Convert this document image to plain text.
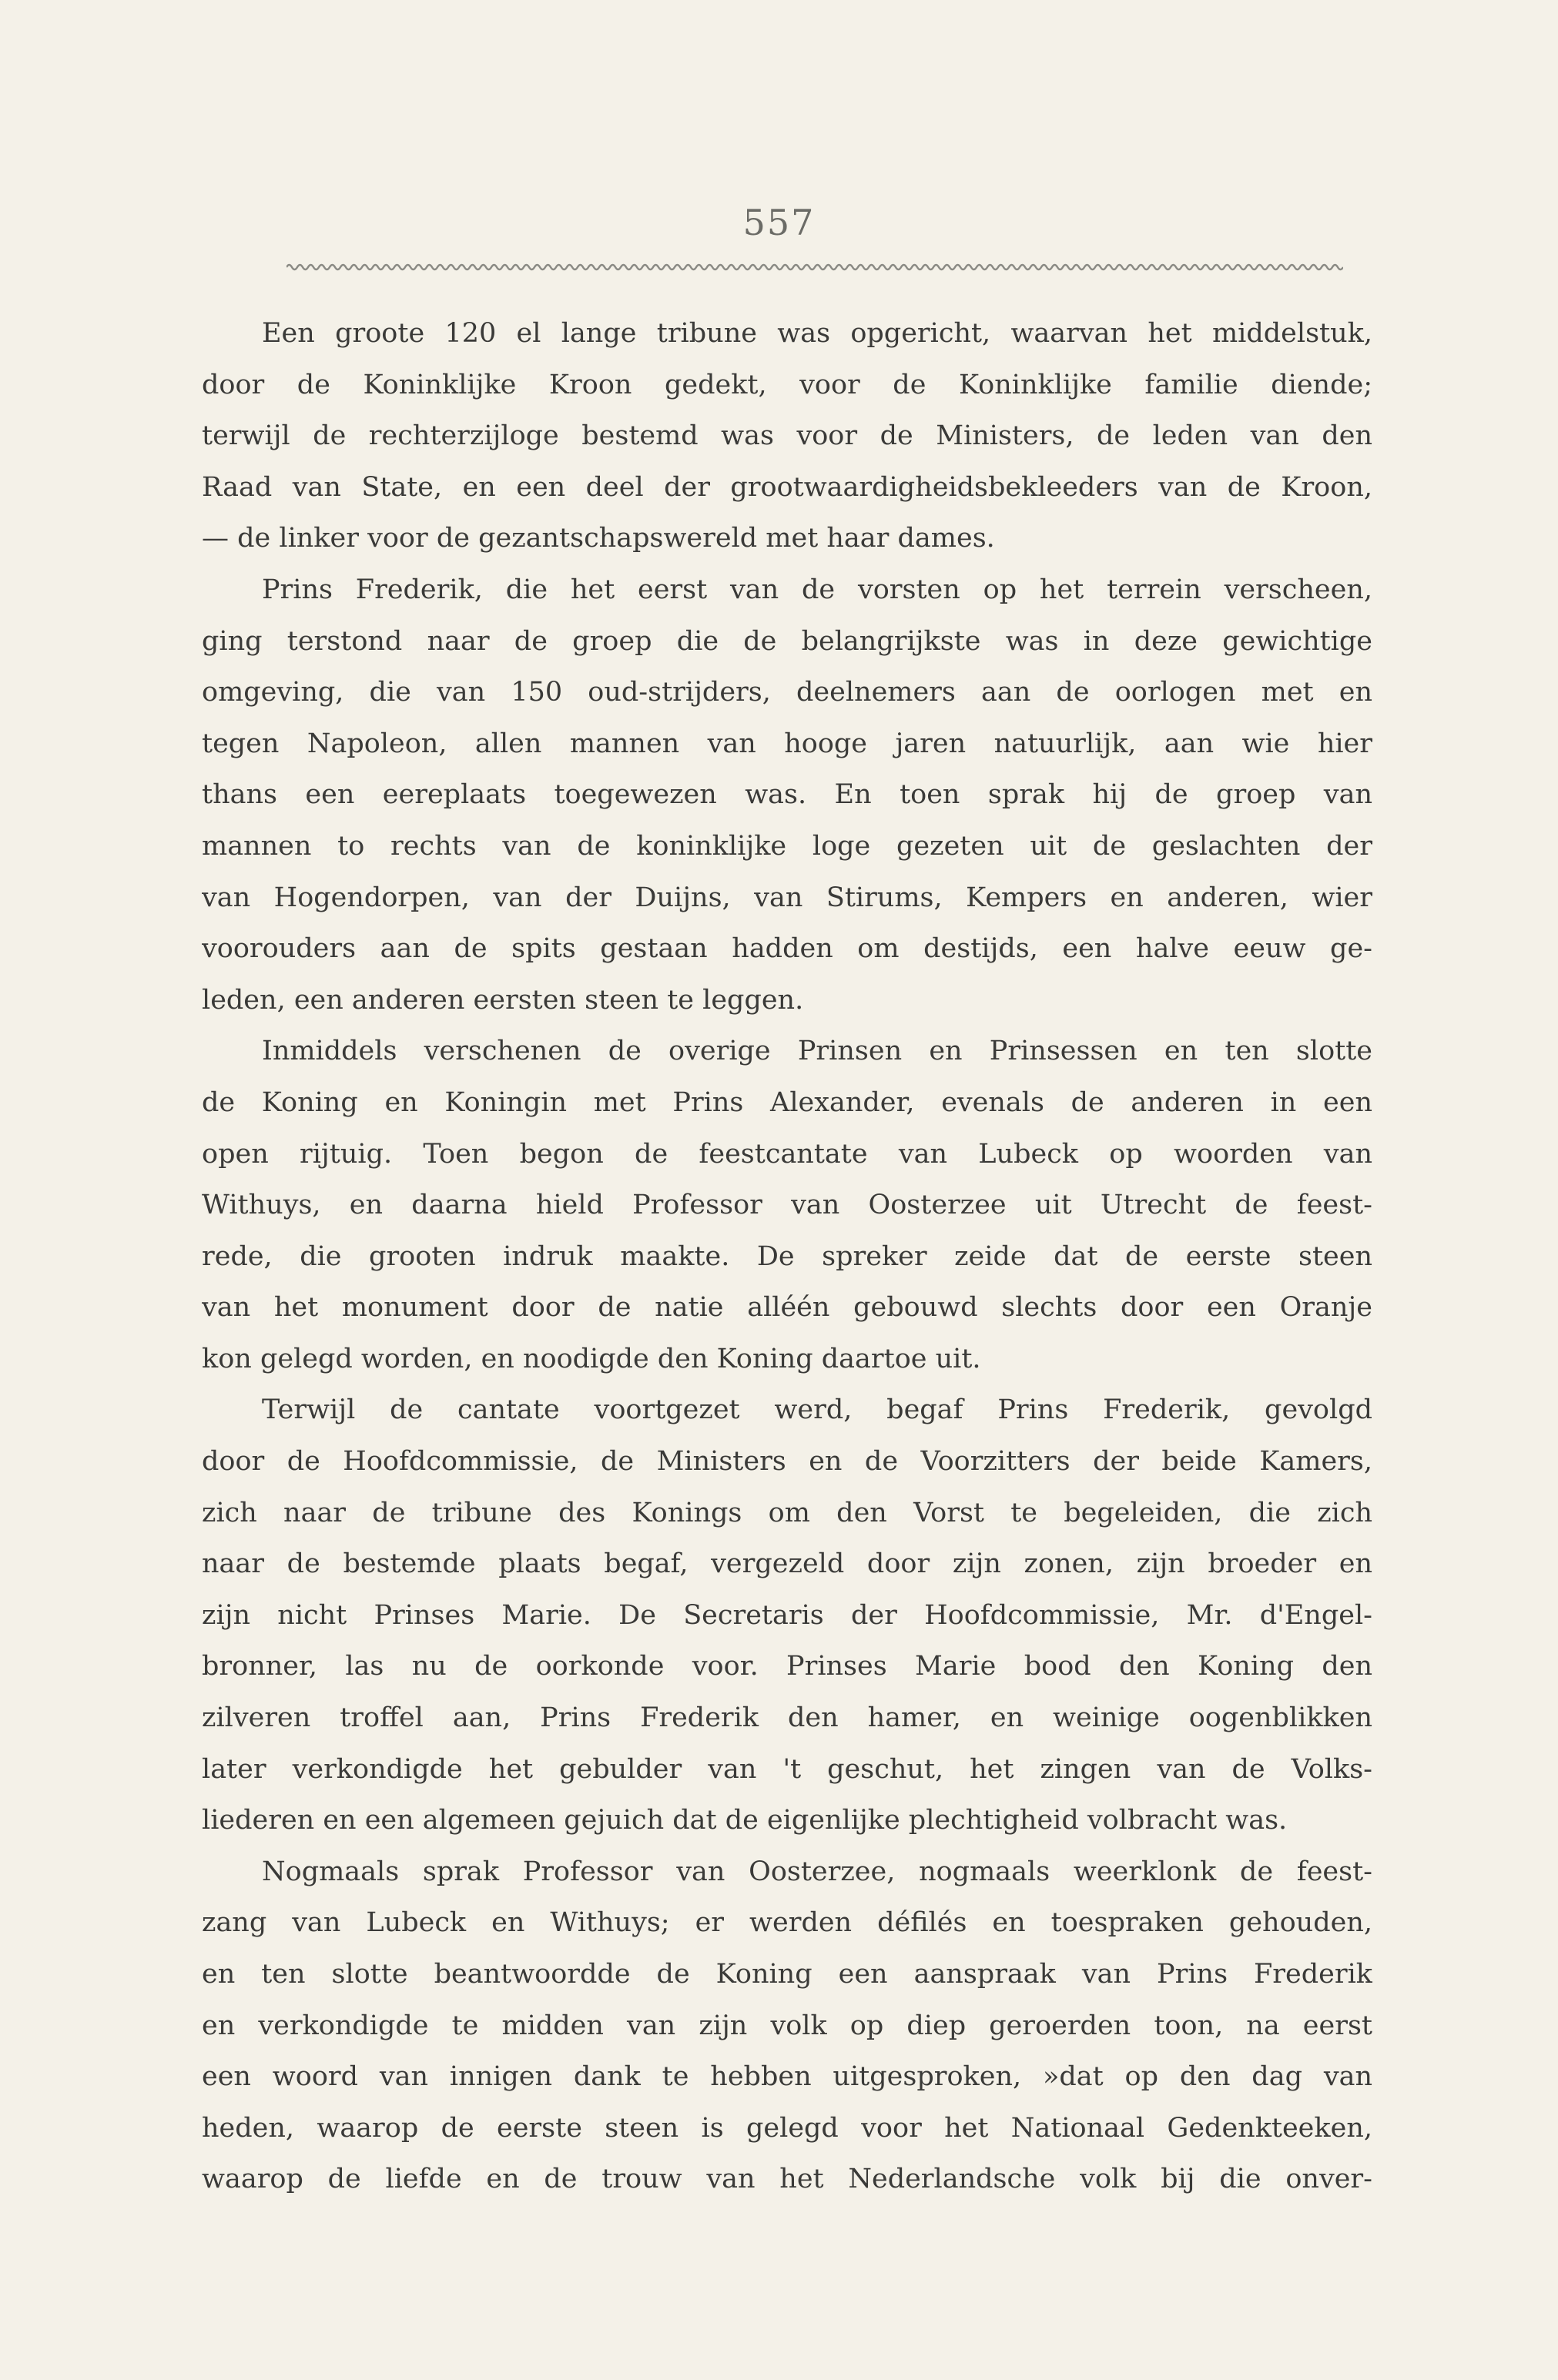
557
Een groote 120 el lange tribune was opgericht, waarvan het middelstuk,
door de Koninklijke Kroon gedekt, voor de Koninklijke familie diende;
terwijl de rechterzijloge bestemd was voor de Ministers, de leden van den
Raad van State, en een deel der grootwaardigheidsbekleeders van de Kroon,
— de linker voor de gezantschapswereld met haar dames.
Prins Frederik, die het eerst van de vorsten op het terrein verscheen,
ging terstond naar de groep die de belangrijkste was in deze gewichtige
omgeving, die van 150 oud-strijders, deelnemers aan de oorlogen met en
tegen Napoleon, allen mannen van hooge jaren natuurlijk, aan wie hier
thans een eereplaats toegewezen was. En toen sprak hij de groep van
mannen to rechts van de koninklijke loge gezeten uit de geslachten der
van Hogendorpen, van der Duijns, van Stirums, Kempers en anderen, wier
voorouders aan de spits gestaan hadden om destijds, een halve eeuw ge-
leden, een anderen eersten steen te leggen.
Inmiddels verschenen de overige Prinsen en Prinsessen en ten slotte
de Koning en Koningin met Prins Alexander, evenals de anderen in een
open rijtuig. Toen begon de feestcantate van Lubeck op woorden van
Withuys, en daarna hield Professor van Oosterzee uit Utrecht de feest-
rede, die grooten indruk maakte. De spreker zeide dat de eerste steen
van het monument door de natie alléén gebouwd slechts door een Oranje
kon gelegd worden, en noodigde den Koning daartoe uit.
Terwijl de cantate voortgezet werd, begaf Prins Frederik, gevolgd
door de Hoofdcommissie, de Ministers en de Voorzitters der beide Kamers,
zich naar de tribune des Konings om den Vorst te begeleiden, die zich
naar de bestemde plaats begaf, vergezeld door zijn zonen, zijn broeder en
zijn nicht Prinses Marie. De Secretaris der Hoofdcommissie, Mr. d'Engel-
bronner, las nu de oorkonde voor. Prinses Marie bood den Koning den
zilveren troffel aan, Prins Frederik den hamer, en weinige oogenblikken
later verkondigde het gebulder van 't geschut, het zingen van de Volks-
liederen en een algemeen gejuich dat de eigenlijke plechtigheid volbracht was.
Nogmaals sprak Professor van Oosterzee, nogmaals weerklonk de feest-
zang van Lubeck en Withuys; er werden défilés en toespraken gehouden,
en ten slotte beantwoordde de Koning een aanspraak van Prins Frederik
en verkondigde te midden van zijn volk op diep geroerden toon, na eerst
een woord van innigen dank te hebben uitgesproken, »dat op den dag van
heden, waarop de eerste steen is gelegd voor het Nationaal Gedenkteeken,
waarop de liefde en de trouw van het Nederlandsche volk bij die onver-
